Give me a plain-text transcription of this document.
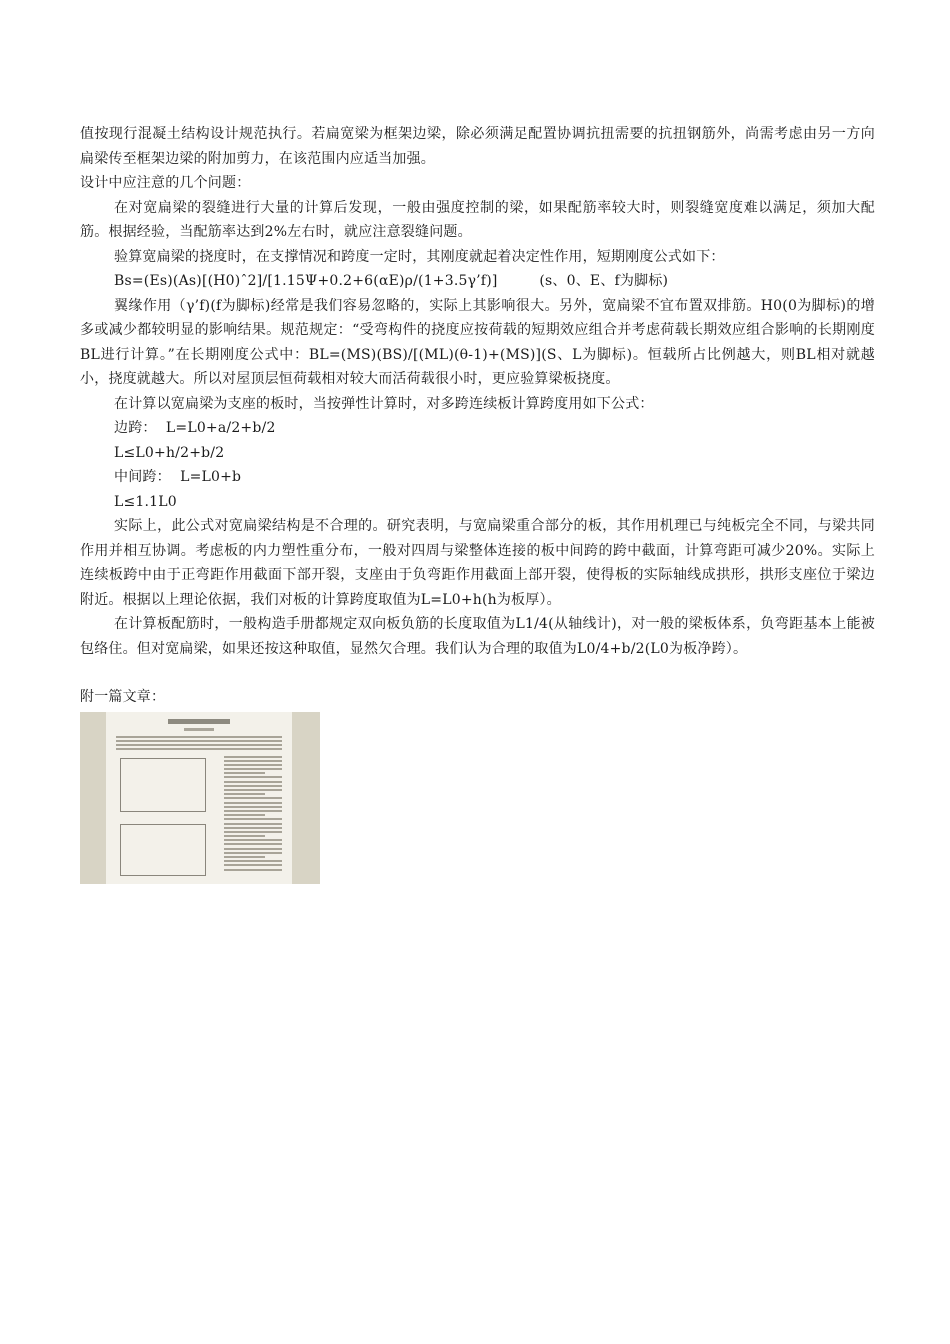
值按现行混凝土结构设计规范执行。若扁宽梁为框架边梁，除必须满足配置协调抗扭需要的抗扭钢筋外，尚需考虑由另一方向扁梁传至框架边梁的附加剪力，在该范围内应适当加强。

设计中应注意的几个问题：

在对宽扁梁的裂缝进行大量的计算后发现，一般由强度控制的梁，如果配筋率较大时，则裂缝宽度难以满足，须加大配筋。根据经验，当配筋率达到2%左右时，就应注意裂缝问题。

验算宽扁梁的挠度时，在支撑情况和跨度一定时，其刚度就起着决定性作用，短期刚度公式如下：

Bs=(Es)(As)[(H0)ˆ2]/[1.15Ψ+0.2+6(αE)ρ/(1+3.5γ’f)]         (s、0、E、f为脚标)

翼缘作用（γ’f)(f为脚标)经常是我们容易忽略的，实际上其影响很大。另外，宽扁梁不宜布置双排筋。H0(0为脚标)的增多或减少都较明显的影响结果。规范规定：“受弯构件的挠度应按荷载的短期效应组合并考虑荷载长期效应组合影响的长期刚度BL进行计算。”在长期刚度公式中：BL=(MS)(BS)/[(ML)(θ-1)+(MS)](S、L为脚标)。恒载所占比例越大，则BL相对就越小，挠度就越大。所以对屋顶层恒荷载相对较大而活荷载很小时，更应验算梁板挠度。

在计算以宽扁梁为支座的板时，当按弹性计算时，对多跨连续板计算跨度用如下公式：

边跨：  L=L0+a/2+b/2

L≤L0+h/2+b/2

中间跨：  L=L0+b

L≤1.1L0

实际上，此公式对宽扁梁结构是不合理的。研究表明，与宽扁梁重合部分的板，其作用机理已与纯板完全不同，与梁共同作用并相互协调。考虑板的内力塑性重分布，一般对四周与梁整体连接的板中间跨的跨中截面，计算弯距可减少20%。实际上连续板跨中由于正弯距作用截面下部开裂，支座由于负弯距作用截面上部开裂，使得板的实际轴线成拱形，拱形支座位于梁边附近。根据以上理论依据，我们对板的计算跨度取值为L=L0+h(h为板厚）。

在计算板配筋时，一般构造手册都规定双向板负筋的长度取值为L1/4(从轴线计)，对一般的梁板体系，负弯距基本上能被包络住。但对宽扁梁，如果还按这种取值，显然欠合理。我们认为合理的取值为L0/4+b/2(L0为板净跨）。

附一篇文章：
